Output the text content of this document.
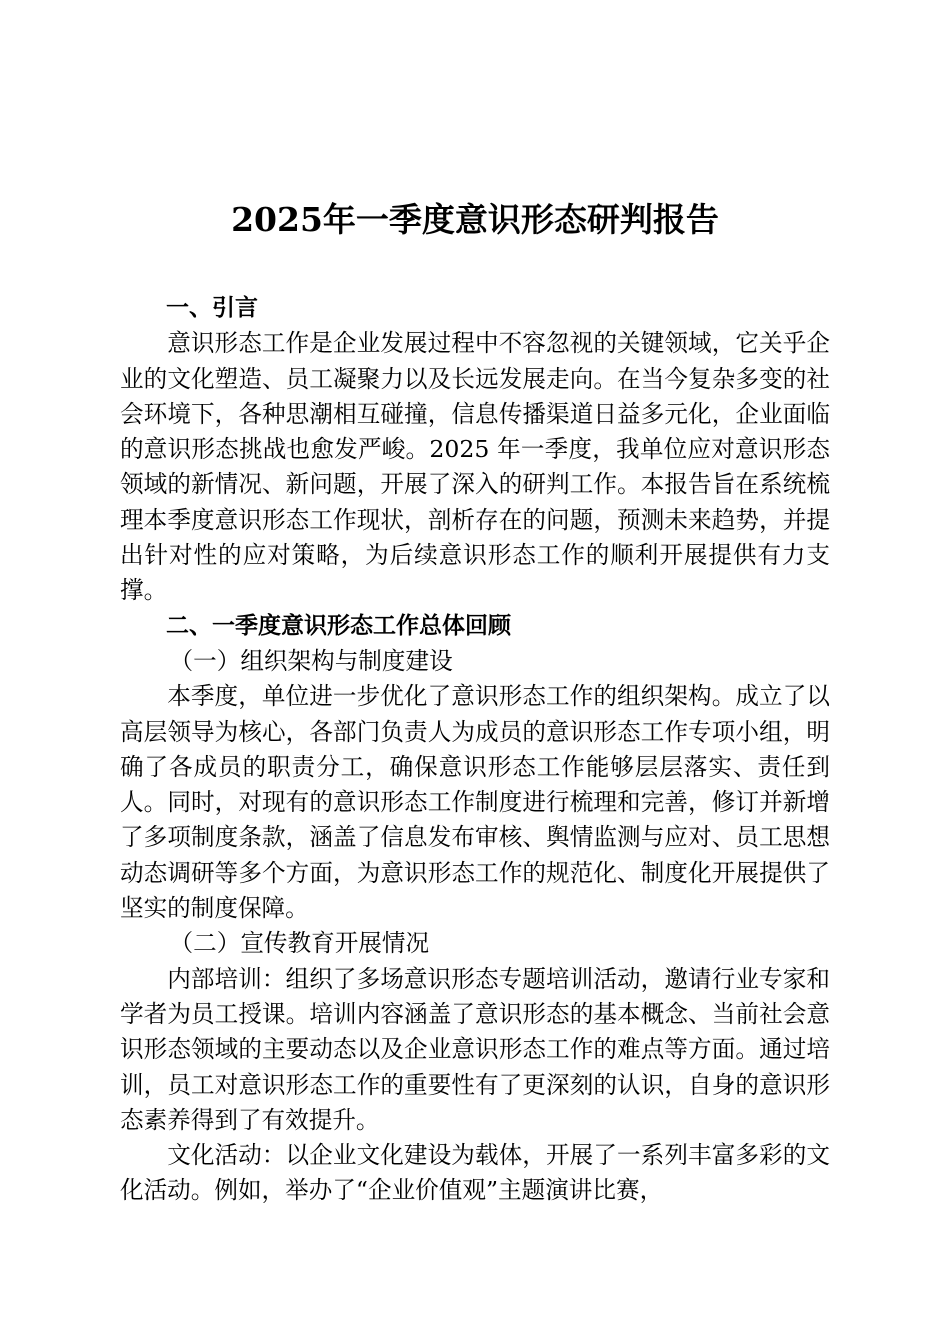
2025年一季度意识形态研判报告

一、引言

意识形态工作是企业发展过程中不容忽视的关键领域，它关乎企业的文化塑造、员工凝聚力以及长远发展走向。在当今复杂多变的社会环境下，各种思潮相互碰撞，信息传播渠道日益多元化，企业面临的意识形态挑战也愈发严峻。2025 年一季度，我单位应对意识形态领域的新情况、新问题，开展了深入的研判工作。本报告旨在系统梳理本季度意识形态工作现状，剖析存在的问题，预测未来趋势，并提出针对性的应对策略，为后续意识形态工作的顺利开展提供有力支撑。

二、一季度意识形态工作总体回顾

（一）组织架构与制度建设

本季度，单位进一步优化了意识形态工作的组织架构。成立了以高层领导为核心，各部门负责人为成员的意识形态工作专项小组，明确了各成员的职责分工，确保意识形态工作能够层层落实、责任到人。同时，对现有的意识形态工作制度进行梳理和完善，修订并新增了多项制度条款，涵盖了信息发布审核、舆情监测与应对、员工思想动态调研等多个方面，为意识形态工作的规范化、制度化开展提供了坚实的制度保障。

（二）宣传教育开展情况

内部培训：组织了多场意识形态专题培训活动，邀请行业专家和学者为员工授课。培训内容涵盖了意识形态的基本概念、当前社会意识形态领域的主要动态以及企业意识形态工作的难点等方面。通过培训，员工对意识形态工作的重要性有了更深刻的认识，自身的意识形态素养得到了有效提升。

文化活动：以企业文化建设为载体，开展了一系列丰富多彩的文化活动。例如，举办了“企业价值观”主题演讲比赛，
